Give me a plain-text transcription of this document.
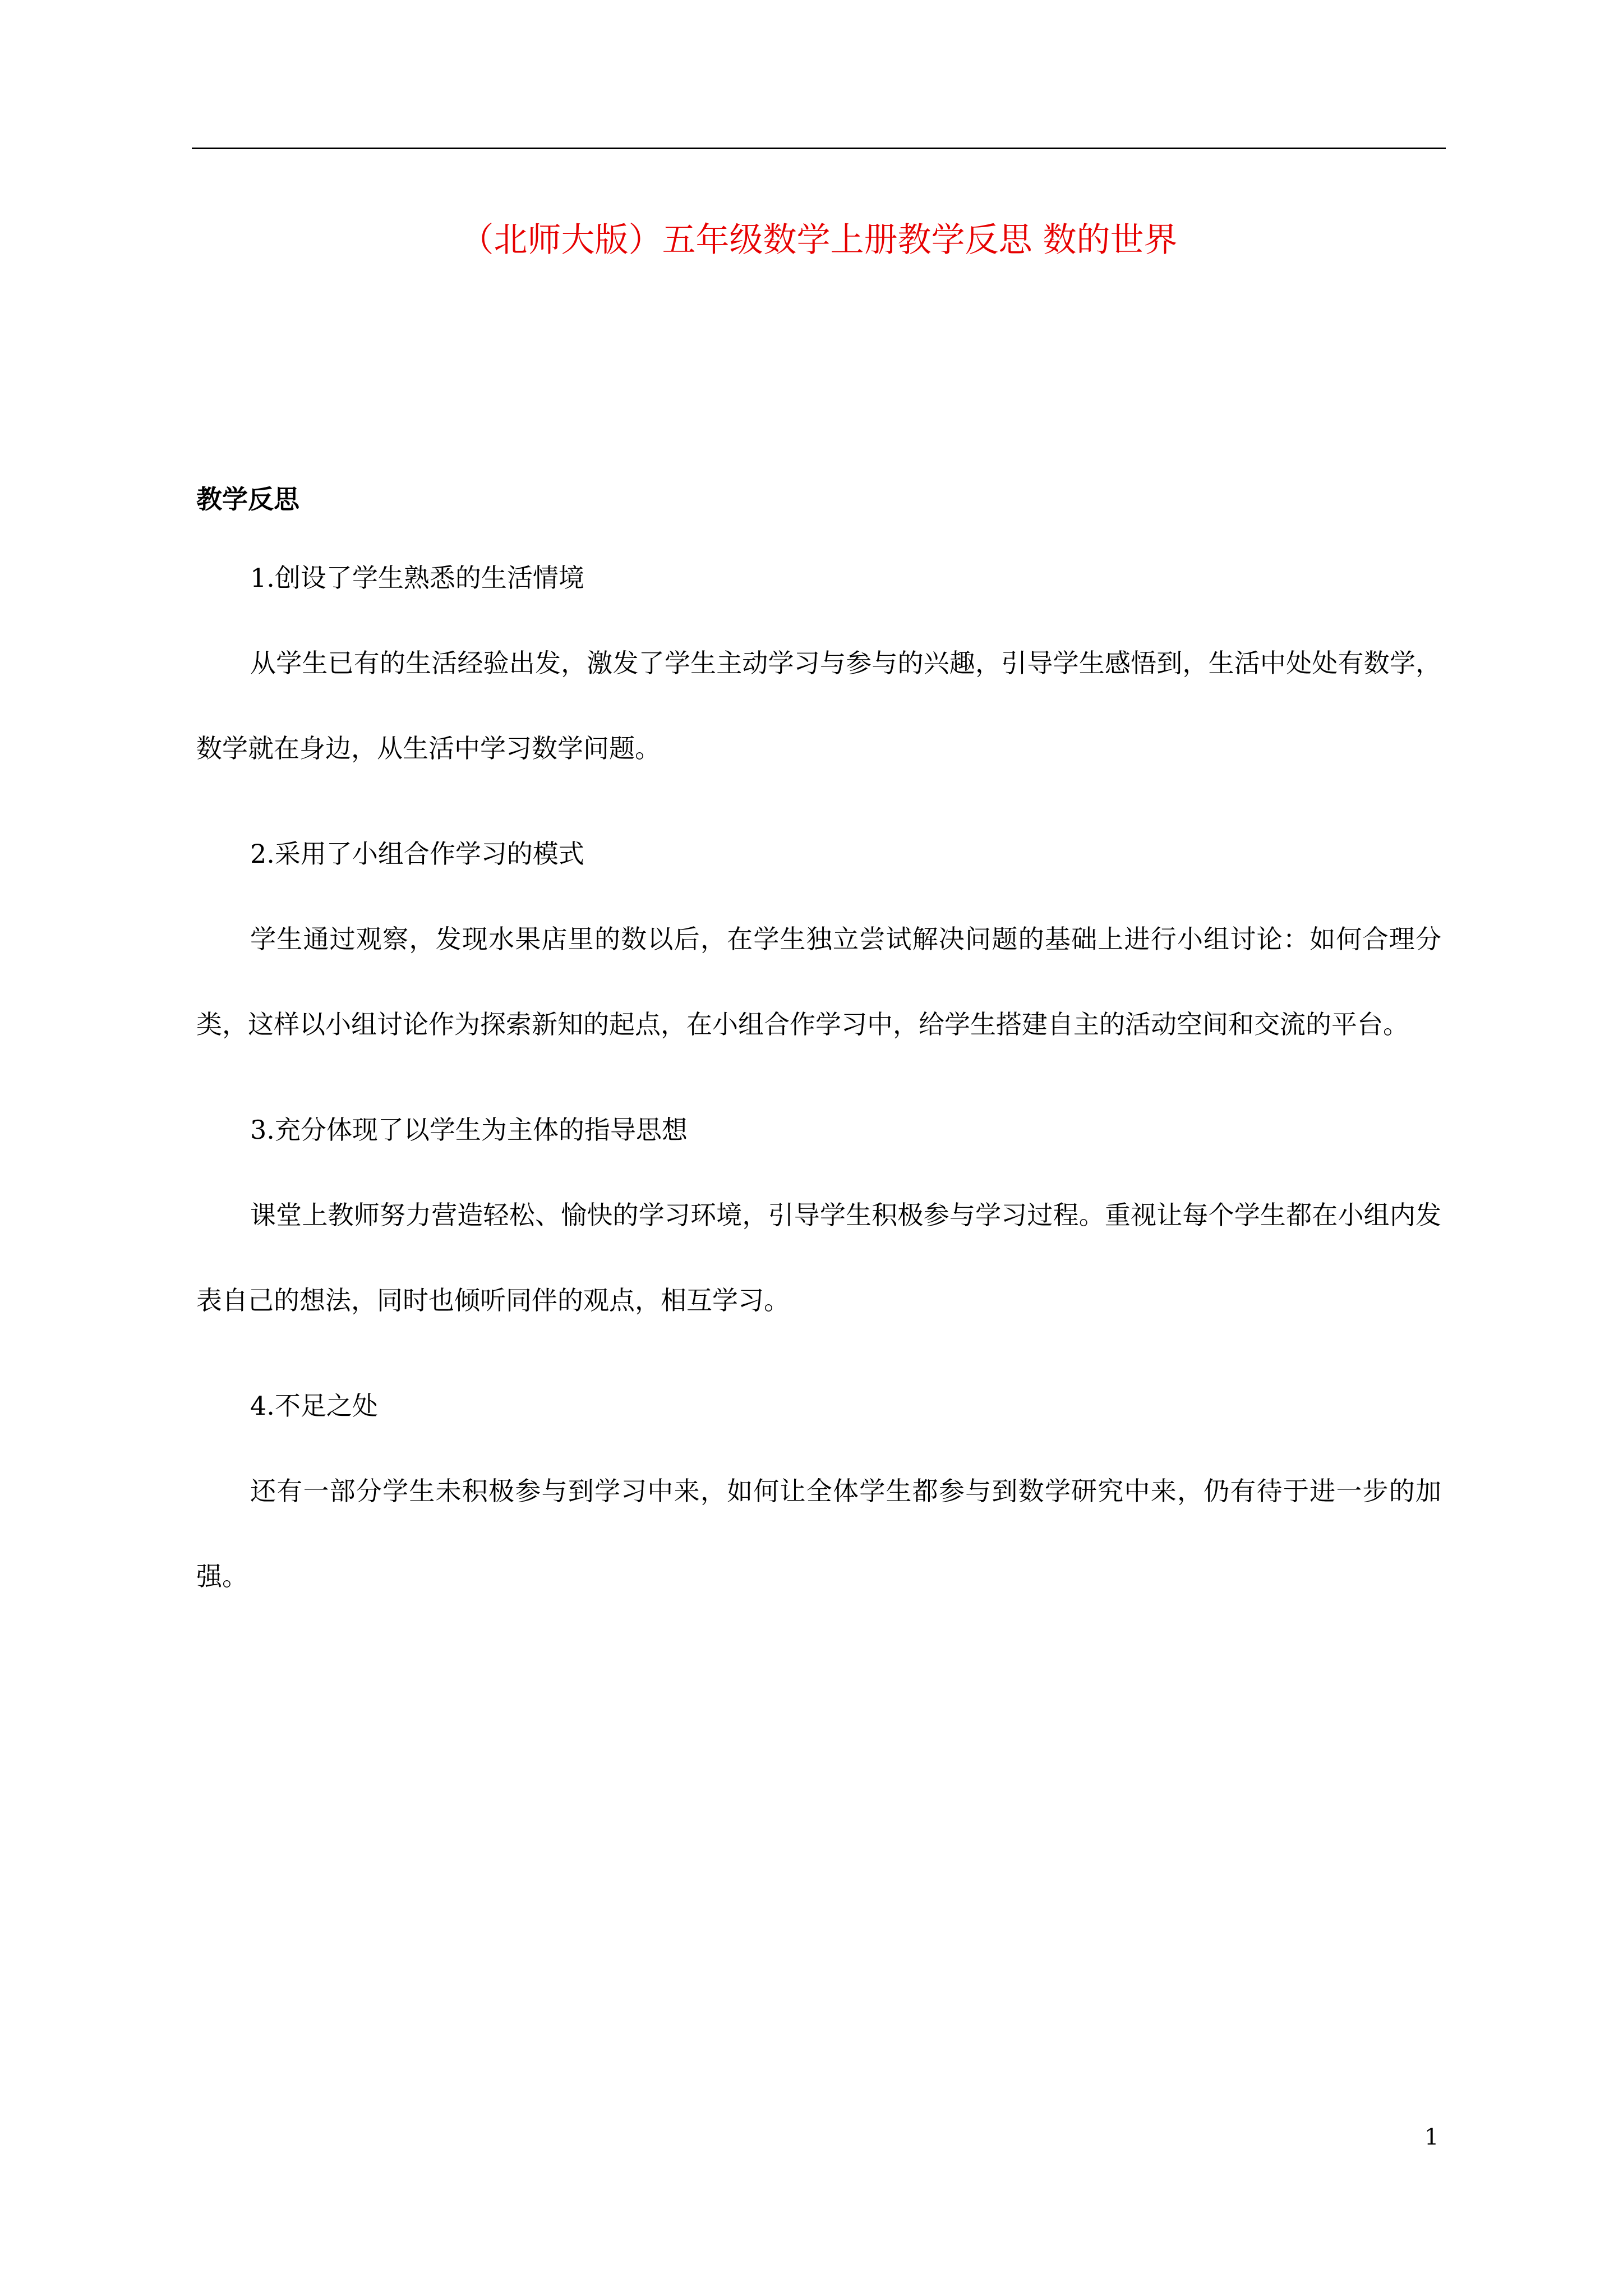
（北师大版）五年级数学上册教学反思 数的世界
教学反思

1.创设了学生熟悉的生活情境

从学生已有的生活经验出发，激发了学生主动学习与参与的兴趣，引导学生感悟到，生活中处处有数学，数学就在身边，从生活中学习数学问题。

2.采用了小组合作学习的模式

学生通过观察，发现水果店里的数以后，在学生独立尝试解决问题的基础上进行小组讨论：如何合理分类，这样以小组讨论作为探索新知的起点，在小组合作学习中，给学生搭建自主的活动空间和交流的平台。

3.充分体现了以学生为主体的指导思想

课堂上教师努力营造轻松、愉快的学习环境，引导学生积极参与学习过程。重视让每个学生都在小组内发表自己的想法，同时也倾听同伴的观点，相互学习。

4.不足之处

还有一部分学生未积极参与到学习中来，如何让全体学生都参与到数学研究中来，仍有待于进一步的加强。

1
